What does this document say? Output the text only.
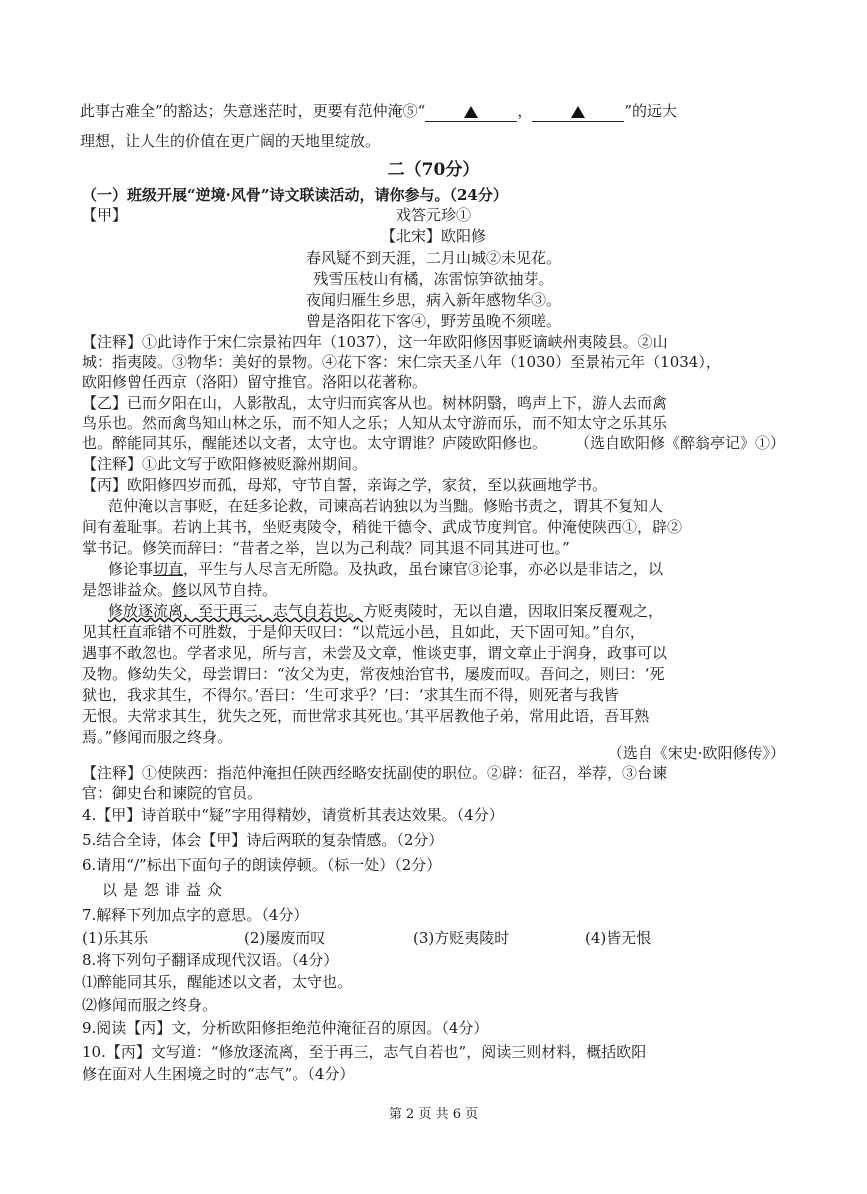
此事古难全”的豁达；失意迷茫时，更要有范仲淹⑤“	，	”的远大
理想，让人生的价值在更广阔的天地里绽放。
二（70分）
（一）班级开展“逆境·风骨”诗文联读活动，请你参与。（24分）
【甲】	戏答元珍①
【北宋】欧阳修
春风疑不到天涯，二月山城②未见花。
残雪压枝山有橘，冻雷惊笋欲抽芽。
夜闻归雁生乡思，病入新年感物华③。
曾是洛阳花下客④，野芳虽晚不须嗟。
【注释】①此诗作于宋仁宗景祐四年（1037），这一年欧阳修因事贬谪峡州夷陵县。②山
城：指夷陵。③物华：美好的景物。④花下客：宋仁宗天圣八年（1030）至景祐元年（1034），
欧阳修曾任西京（洛阳）留守推官。洛阳以花著称。
【乙】已而夕阳在山，人影散乱，太守归而宾客从也。树林阴翳，鸣声上下，游人去而禽
鸟乐也。然而禽鸟知山林之乐，而不知人之乐；人知从太守游而乐，而不知太守之乐其乐
也。醉能同其乐，醒能述以文者，太守也。太守谓谁？庐陵欧阳修也。 （选自欧阳修《醉翁亭记》①）
【注释】①此文写于欧阳修被贬滁州期间。
【丙】欧阳修四岁而孤，母郑，守节自誓，亲诲之学，家贫，至以荻画地学书。
范仲淹以言事贬，在廷多论救，司谏高若讷独以为当黜。修贻书责之，谓其不复知人
间有羞耻事。若讷上其书，坐贬夷陵令，稍徙干德令、武成节度判官。仲淹使陕西①，辟②
掌书记。修笑而辞曰：“昔者之举，岂以为己利哉？同其退不同其进可也。”
修论事切直，平生与人尽言无所隐。及执政，虽台谏官③论事，亦必以是非诘之，以
是怨诽益众。修以风节自持。
修放逐流离，至于再三，志气自若也。方贬夷陵时，无以自遣，因取旧案反覆观之，
见其枉直乖错不可胜数，于是仰天叹曰：“以荒远小邑，且如此，天下固可知。”自尔，
遇事不敢忽也。学者求见，所与言，未尝及文章，惟谈吏事，谓文章止于润身，政事可以
及物。修幼失父，母尝谓曰：“汝父为吏，常夜烛治官书，屡废而叹。吾问之，则曰：‘死
狱也，我求其生，不得尔。’吾曰：‘生可求乎？’曰：‘求其生而不得，则死者与我皆
无恨。夫常求其生，犹失之死，而世常求其死也。’其平居教他子弟，常用此语，吾耳熟
焉。”修闻而服之终身。
（选自《宋史·欧阳修传》）
【注释】①使陕西：指范仲淹担任陕西经略安抚副使的职位。②辟：征召，举荐，③台谏
官：御史台和谏院的官员。
4.【甲】诗首联中“疑”字用得精妙，请赏析其表达效果。（4分）
5.结合全诗，体会【甲】诗后两联的复杂情感。（2分）
6.请用“/”标出下面句子的朗读停顿。（标一处）（2分）
以是怨诽益众
7.解释下列加点字的意思。（4分）
(1)乐其乐	(2)屡废而叹	(3)方贬夷陵时	(4)皆无恨
8.将下列句子翻译成现代汉语。（4分）
⑴醉能同其乐，醒能述以文者，太守也。
⑵修闻而服之终身。
9.阅读【丙】文，分析欧阳修拒绝范仲淹征召的原因。（4分）
10.【丙】文写道：“修放逐流离，至于再三，志气自若也”，阅读三则材料，概括欧阳
修在面对人生困境之时的“志气”。（4分）
第 2 页 共 6 页
